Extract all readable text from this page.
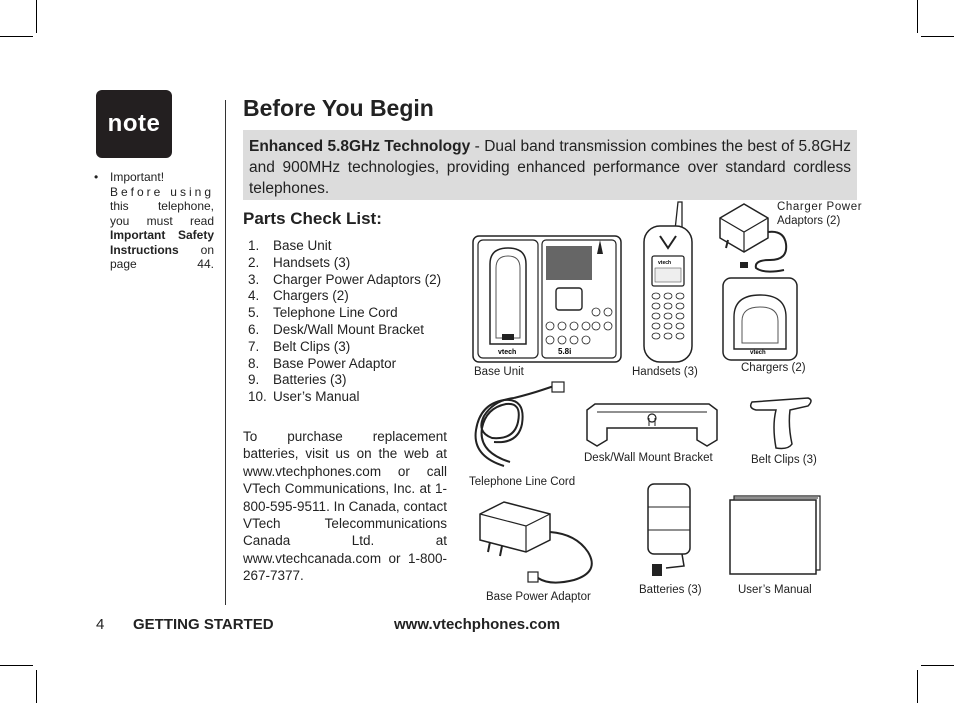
note
• Important!
Before using
this telephone,
you must read
Important Safety Instructions on page 44.
Before You Begin
Enhanced 5.8GHz Technology - Dual band transmission combines the best of 5.8GHz and 900MHz technologies, providing enhanced performance over standard cordless telephones.
Parts Check List:
1.	Base Unit
2.	Handsets (3)
3.	Charger Power Adaptors (2)
4.	Chargers (2)
5.	Telephone Line Cord
6.	Desk/Wall Mount Bracket
7.	Belt Clips (3)
8.	Base Power Adaptor
9.	Batteries (3)
10. User’s Manual
To purchase replacement batteries, visit us on the web at www.vtechphones.com or call VTech Communications, Inc. at 1-800-595-9511. In Canada, contact VTech Telecommunications Canada Ltd. at www.vtechcanada.com or 1-800-267-7377.
vtech	5.8i
vtech
vtech
Charger Power
Adaptors (2)
Base Unit	Handsets (3)	Chargers (2)
Telephone Line Cord
Desk/Wall Mount Bracket	Belt Clips (3)
Base Power Adaptor
Batteries (3)	User’s Manual
4 GETTING STARTED	www.vtechphones.com
